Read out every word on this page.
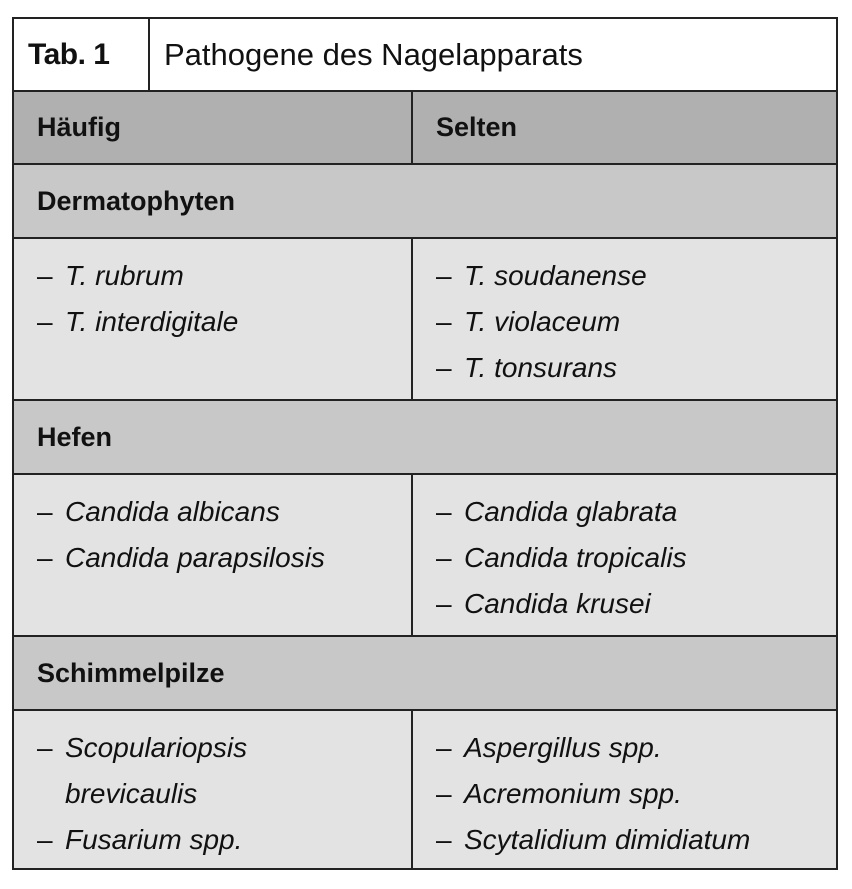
Tab. 1	Pathogene des Nagelapparats
Häufig	Selten
Dermatophyten
– T. rubrum
– T. interdigitale
– T. soudanense
– T. violaceum
– T. tonsurans
Hefen
– Candida albicans
– Candida parapsilosis
– Candida glabrata
– Candida tropicalis
– Candida krusei
Schimmelpilze
– Scopulariopsis
brevicaulis
– Fusarium spp.
– Aspergillus spp.
– Acremonium spp.
– Scytalidium dimidiatum
